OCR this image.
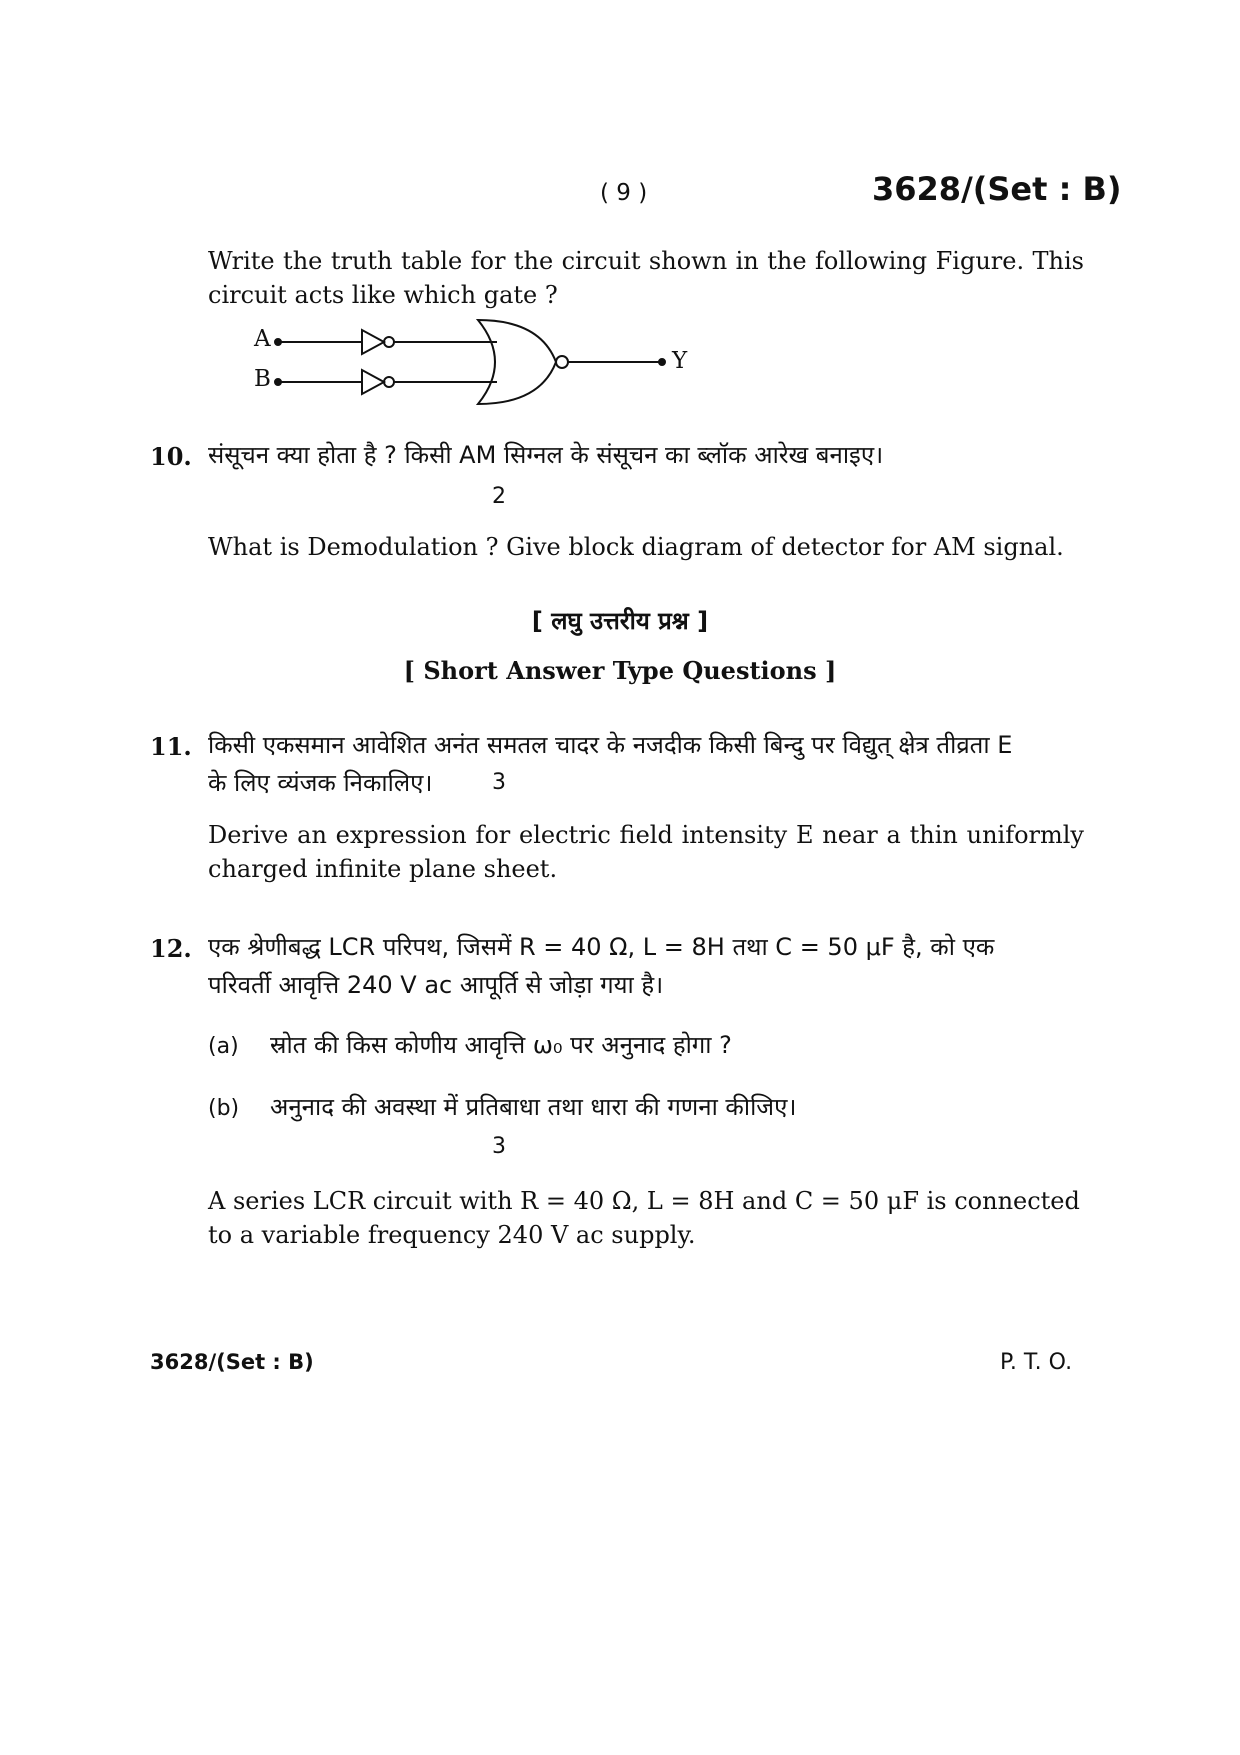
( 9 )	3628/(Set : B)
Write the truth table for the circuit shown in the following Figure. This circuit acts like which gate ?
A
B
Y
10. संसूचन क्या होता है ? किसी AM सिग्नल के संसूचन का ब्लॉक आरेख बनाइए।
2
What is Demodulation ? Give block diagram of detector for AM signal.
[ लघु उत्तरीय प्रश्न ]
[ Short Answer Type Questions ]
11. किसी एकसमान आवेशित अनंत समतल चादर के नजदीक किसी बिन्दु पर विद्युत् क्षेत्र तीव्रता E
के लिए व्यंजक निकालिए।	3
Derive an expression for electric field intensity E near a thin uniformly charged infinite plane sheet.
12. एक श्रेणीबद्ध LCR परिपथ, जिसमें R = 40 Ω, L = 8H तथा C = 50 μF है, को एक
परिवर्ती आवृत्ति 240 V ac आपूर्ति से जोड़ा गया है।
(a) स्रोत की किस कोणीय आवृत्ति ω₀ पर अनुनाद होगा ?
(b) अनुनाद की अवस्था में प्रतिबाधा तथा धारा की गणना कीजिए।
3
A series LCR circuit with R = 40 Ω, L = 8H and C = 50 μF is connected to a variable frequency 240 V ac supply.
3628/(Set : B)	P. T. O.
